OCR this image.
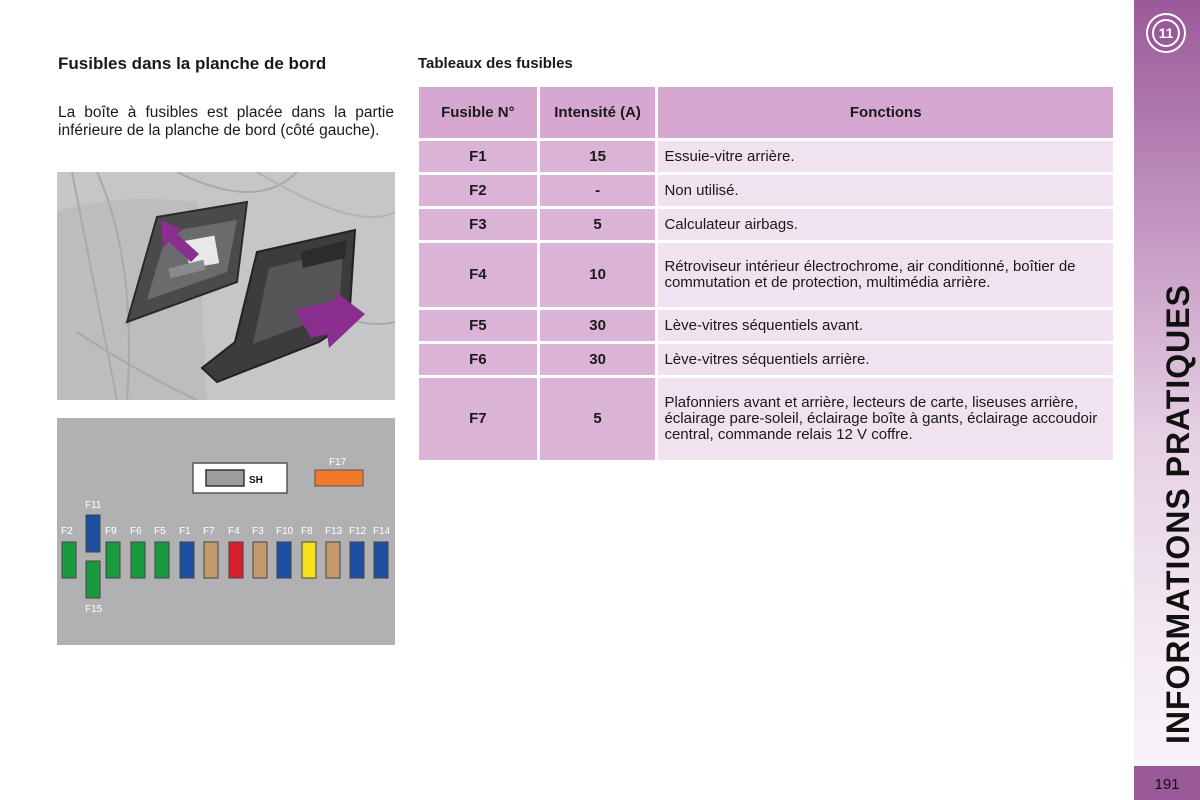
Fusibles dans la planche de bord

La boîte à fusibles est placée dans la partie inférieure de la planche de bord (côté gauche).

SH
F17
F11
F15
F2	F9 F6 F5 F1 F7 F4 F3 F10 F8 F13 F12 F14
Tableaux des fusibles
Fusible N°	Intensité (A)	Fonctions
F1	15	Essuie-vitre arrière.
F2	-	Non utilisé.
F3	5	Calculateur airbags.
F4	10	Rétroviseur intérieur électrochrome, air conditionné, boîtier de commutation et de protection, multimédia arrière.
F5	30	Lève-vitres séquentiels avant.
F6	30	Lève-vitres séquentiels arrière.
F7	5	Plafonniers avant et arrière, lecteurs de carte, liseuses arrière, éclairage pare-soleil, éclairage boîte à gants, éclairage accoudoir central, commande relais 12 V coffre.
11
INFORMATIONS PRATIQUES
191
